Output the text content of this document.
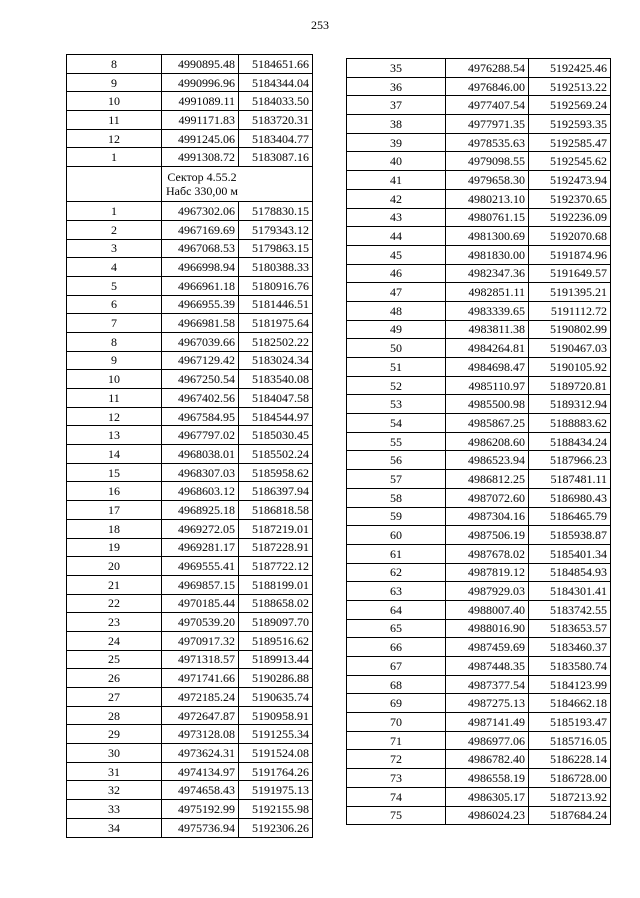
253
8	4990895.48	5184651.66
9	4990996.96	5184344.04
10	4991089.11	5184033.50
11	4991171.83	5183720.31
12	4991245.06	5183404.77
1	4991308.72	5183087.16

	Сектор 4.55.2
Набс 330,00 м	

1	4967302.06	5178830.15
2	4967169.69	5179343.12
3	4967068.53	5179863.15
4	4966998.94	5180388.33
5	4966961.18	5180916.76
6	4966955.39	5181446.51
7	4966981.58	5181975.64
8	4967039.66	5182502.22
9	4967129.42	5183024.34
10	4967250.54	5183540.08
11	4967402.56	5184047.58
12	4967584.95	5184544.97
13	4967797.02	5185030.45
14	4968038.01	5185502.24
15	4968307.03	5185958.62
16	4968603.12	5186397.94
17	4968925.18	5186818.58
18	4969272.05	5187219.01
19	4969281.17	5187228.91
20	4969555.41	5187722.12
21	4969857.15	5188199.01
22	4970185.44	5188658.02
23	4970539.20	5189097.70
24	4970917.32	5189516.62
25	4971318.57	5189913.44
26	4971741.66	5190286.88
27	4972185.24	5190635.74
28	4972647.87	5190958.91
29	4973128.08	5191255.34
30	4973624.31	5191524.08
31	4974134.97	5191764.26
32	4974658.43	5191975.13
33	4975192.99	5192155.98
34	4975736.94	5192306.26
35	4976288.54	5192425.46
36	4976846.00	5192513.22
37	4977407.54	5192569.24
38	4977971.35	5192593.35
39	4978535.63	5192585.47
40	4979098.55	5192545.62
41	4979658.30	5192473.94
42	4980213.10	5192370.65
43	4980761.15	5192236.09
44	4981300.69	5192070.68
45	4981830.00	5191874.96
46	4982347.36	5191649.57
47	4982851.11	5191395.21
48	4983339.65	5191112.72
49	4983811.38	5190802.99
50	4984264.81	5190467.03
51	4984698.47	5190105.92
52	4985110.97	5189720.81
53	4985500.98	5189312.94
54	4985867.25	5188883.62
55	4986208.60	5188434.24
56	4986523.94	5187966.23
57	4986812.25	5187481.11
58	4987072.60	5186980.43
59	4987304.16	5186465.79
60	4987506.19	5185938.87
61	4987678.02	5185401.34
62	4987819.12	5184854.93
63	4987929.03	5184301.41
64	4988007.40	5183742.55
65	4988016.90	5183653.57
66	4987459.69	5183460.37
67	4987448.35	5183580.74
68	4987377.54	5184123.99
69	4987275.13	5184662.18
70	4987141.49	5185193.47
71	4986977.06	5185716.05
72	4986782.40	5186228.14
73	4986558.19	5186728.00
74	4986305.17	5187213.92
75	4986024.23	5187684.24
